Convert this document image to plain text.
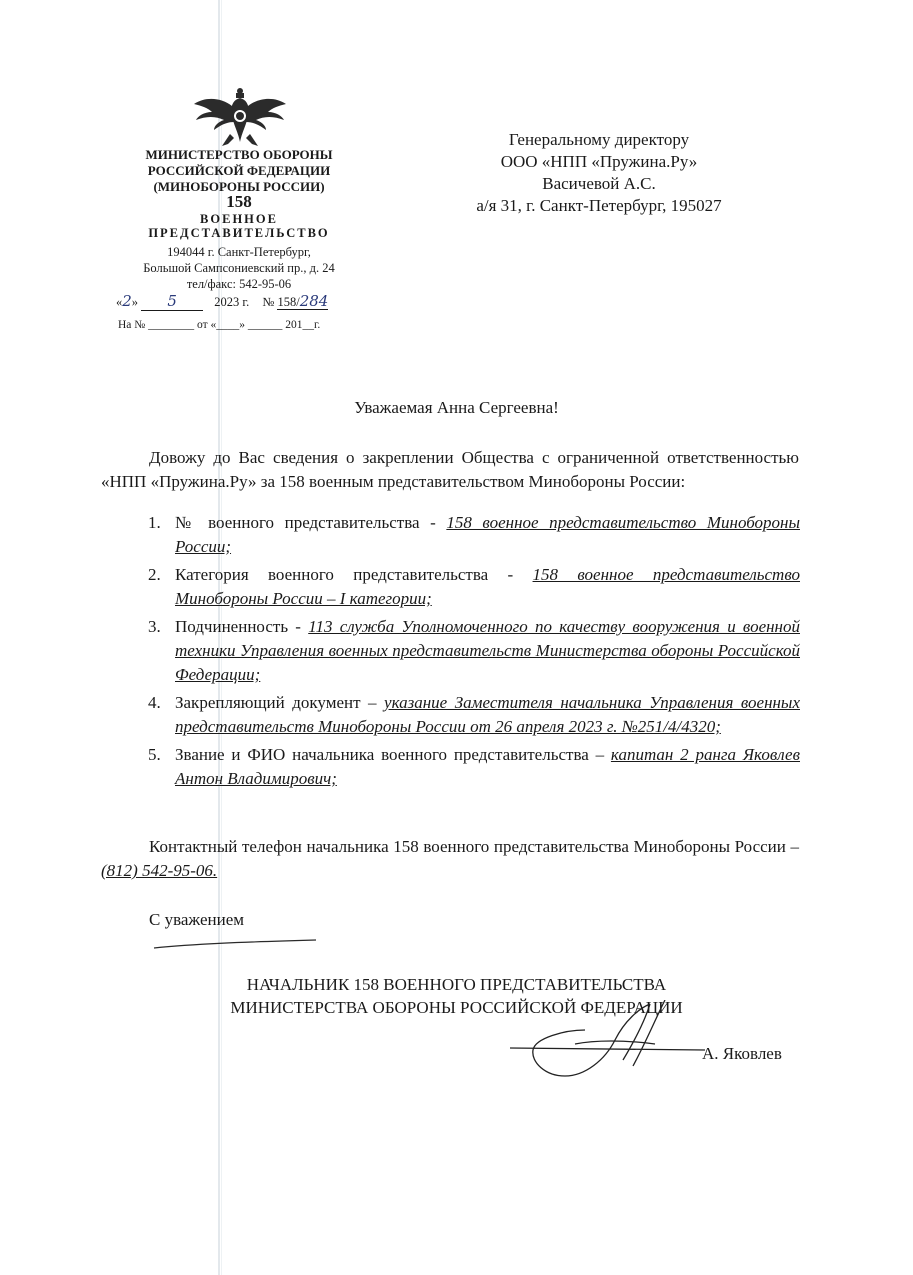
МИНИСТЕРСТВО ОБОРОНЫ
РОССИЙСКОЙ ФЕДЕРАЦИИ
(МИНОБОРОНЫ РОССИИ)
158
ВОЕННОЕ
ПРЕДСТАВИТЕЛЬСТВО
194044 г. Санкт-Петербург,
Большой Сампсониевский пр., д. 24
тел/факс: 542-95-06
«2» 5	2023 г. № 158/284
На № ________ от «____» ______ 201__г.
Генеральному директору
ООО «НПП «Пружина.Ру»
Васичевой А.С.
а/я 31, г. Санкт-Петербург, 195027
Уважаемая Анна Сергеевна!
Довожу до Вас сведения о закреплении Общества с ограниченной ответственностью «НПП «Пружина.Ру» за 158 военным представительством Минобороны России:
1. № военного представительства - 158 военное представительство Минобороны России;
2. Категория военного представительства - 158 военное представительство Минобороны России – I категории;
3. Подчиненность - 113 служба Уполномоченного по качеству вооружения и военной техники Управления военных представительств Министерства обороны Российской Федерации;
4. Закрепляющий документ – указание Заместителя начальника Управления военных представительств Минобороны России от 26 апреля 2023 г. №251/4/4320;
5. Звание и ФИО начальника военного представительства – капитан 2 ранга Яковлев Антон Владимирович;
Контактный телефон начальника 158 военного представительства Минобороны России – (812) 542-95-06.
С уважением
НАЧАЛЬНИК 158 ВОЕННОГО ПРЕДСТАВИТЕЛЬСТВА
МИНИСТЕРСТВА ОБОРОНЫ РОССИЙСКОЙ ФЕДЕРАЦИИ
А. Яковлев
